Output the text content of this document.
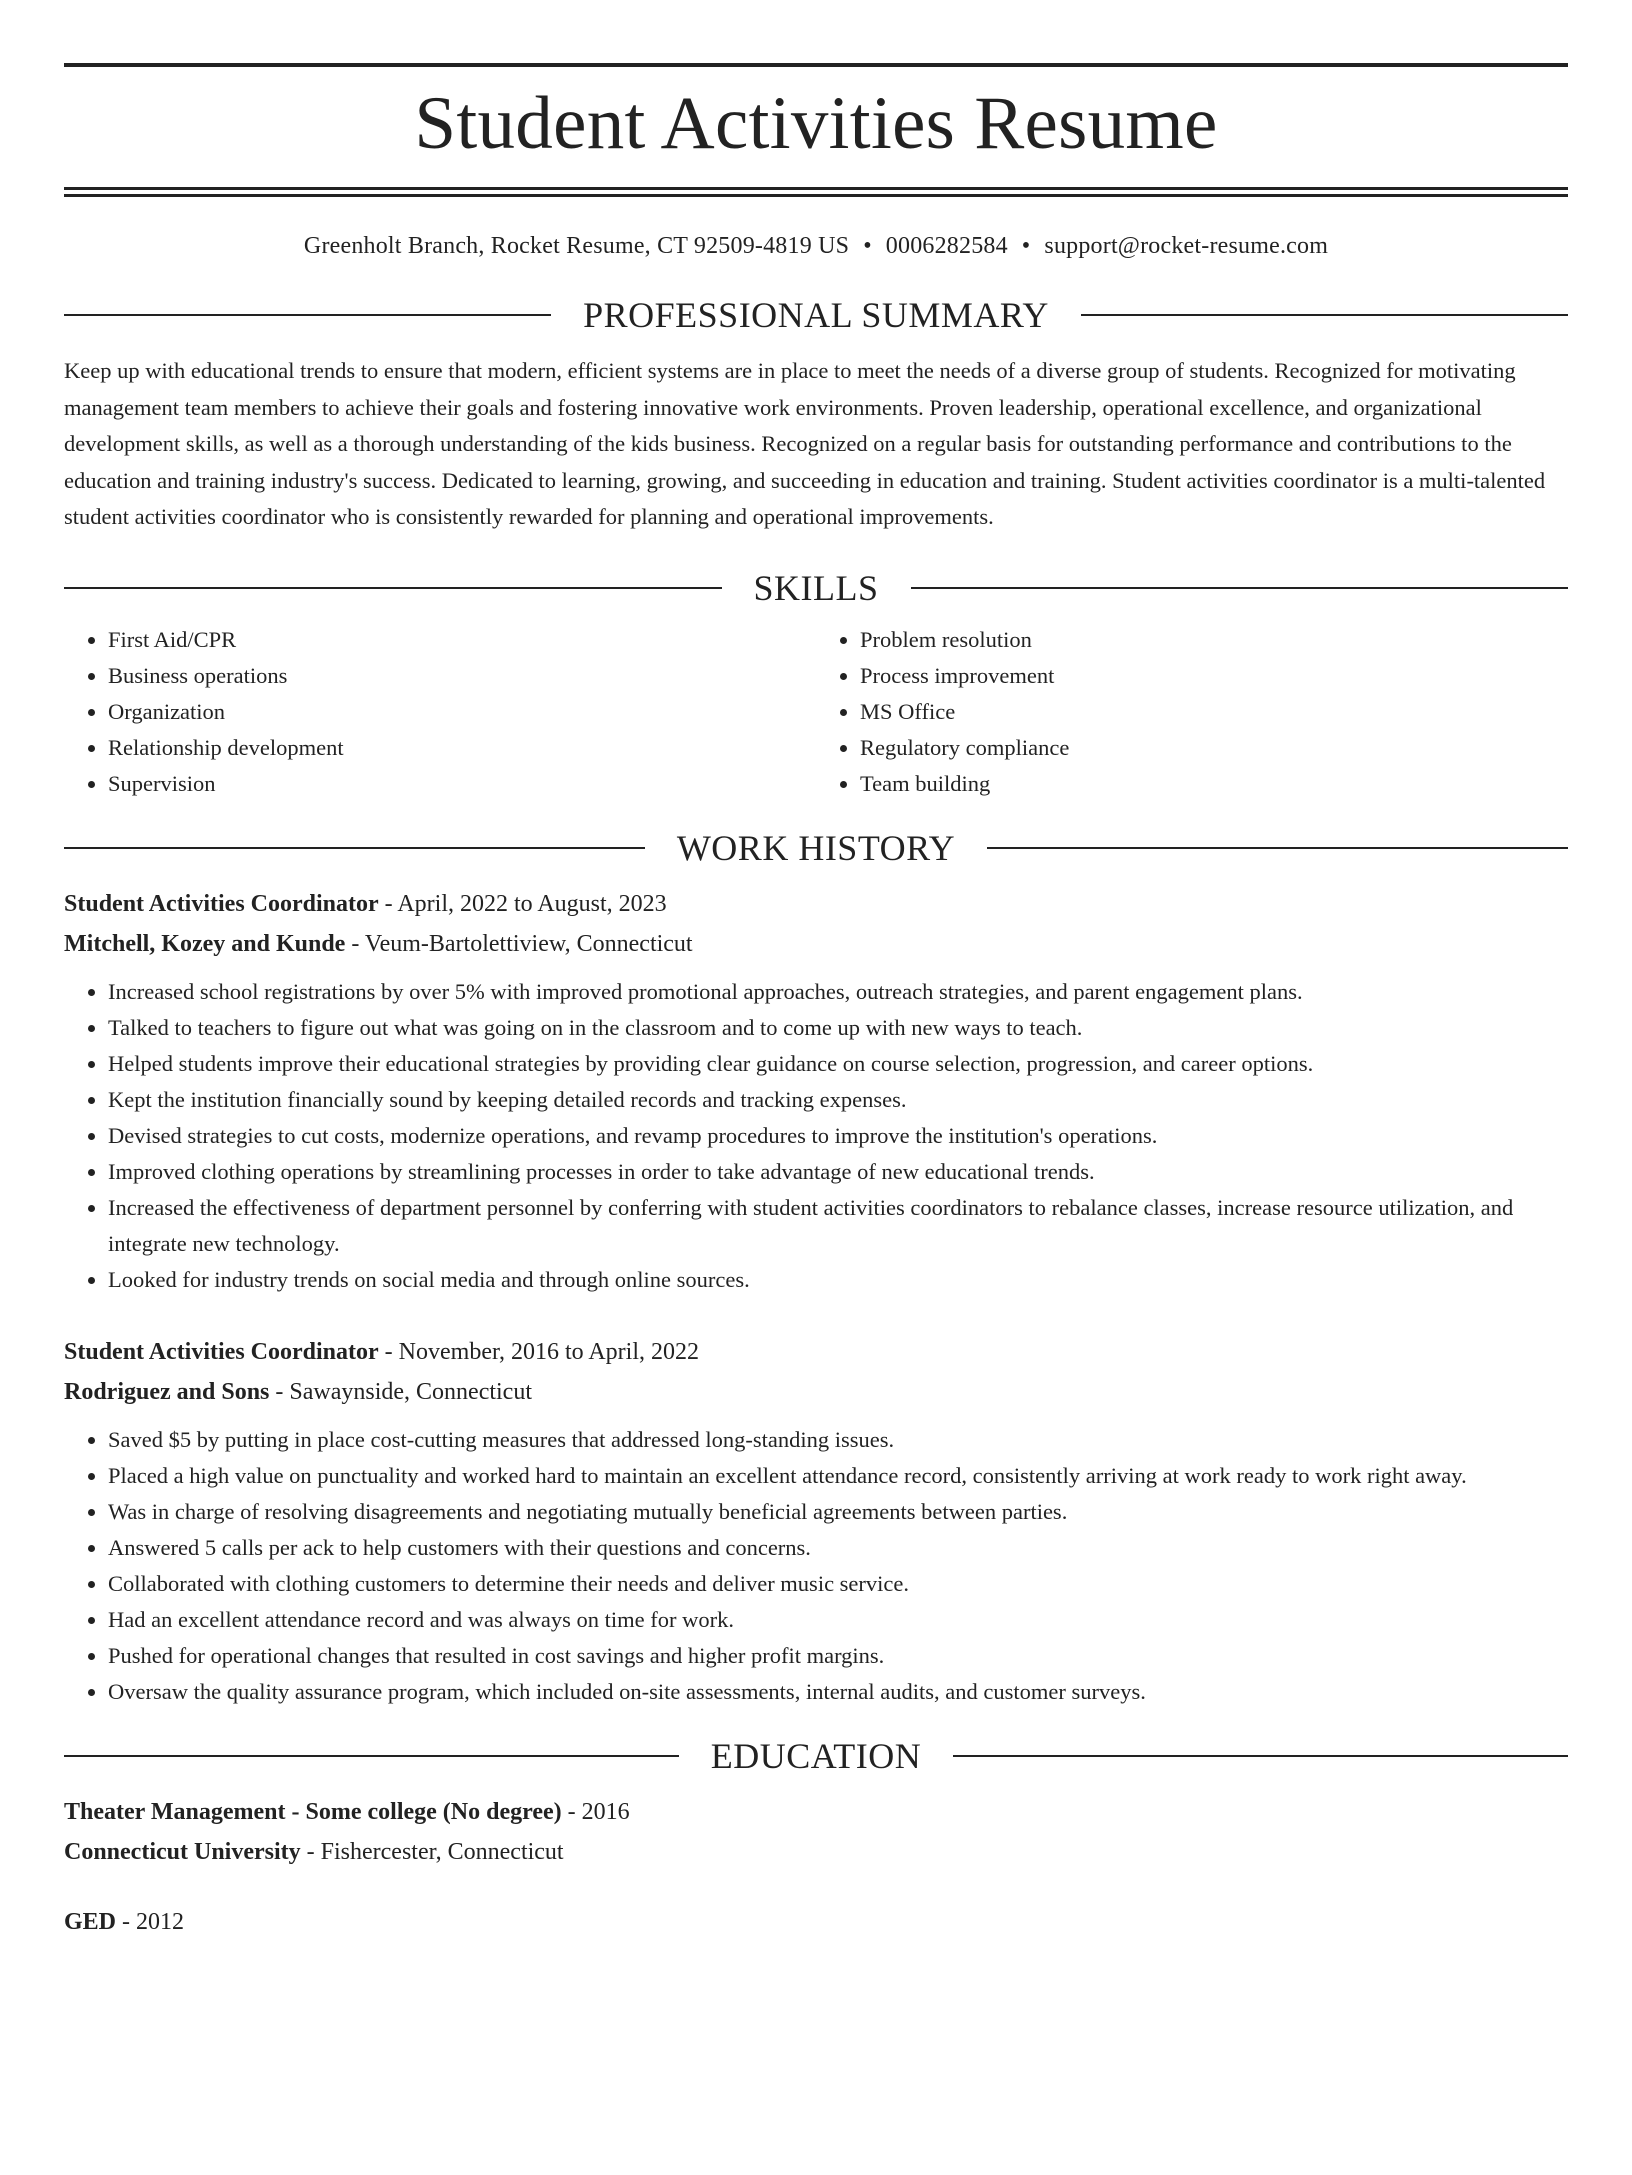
Student Activities Resume
Greenholt Branch, Rocket Resume, CT 92509-4819 US • 0006282584 • support@rocket-resume.com
PROFESSIONAL SUMMARY
Keep up with educational trends to ensure that modern, efficient systems are in place to meet the needs of a diverse group of students. Recognized for motivating management team members to achieve their goals and fostering innovative work environments. Proven leadership, operational excellence, and organizational development skills, as well as a thorough understanding of the kids business. Recognized on a regular basis for outstanding performance and contributions to the education and training industry's success. Dedicated to learning, growing, and succeeding in education and training. Student activities coordinator is a multi-talented student activities coordinator who is consistently rewarded for planning and operational improvements.
SKILLS
• First Aid/CPR
• Business operations
• Organization
• Relationship development
• Supervision
• Problem resolution
• Process improvement
• MS Office
• Regulatory compliance
• Team building
WORK HISTORY
Student Activities Coordinator - April, 2022 to August, 2023
Mitchell, Kozey and Kunde - Veum-Bartolettiview, Connecticut
• Increased school registrations by over 5% with improved promotional approaches, outreach strategies, and parent engagement plans.
• Talked to teachers to figure out what was going on in the classroom and to come up with new ways to teach.
• Helped students improve their educational strategies by providing clear guidance on course selection, progression, and career options.
• Kept the institution financially sound by keeping detailed records and tracking expenses.
• Devised strategies to cut costs, modernize operations, and revamp procedures to improve the institution's operations.
• Improved clothing operations by streamlining processes in order to take advantage of new educational trends.
• Increased the effectiveness of department personnel by conferring with student activities coordinators to rebalance classes, increase resource utilization, and integrate new technology.
• Looked for industry trends on social media and through online sources.
Student Activities Coordinator - November, 2016 to April, 2022
Rodriguez and Sons - Sawaynside, Connecticut
• Saved $5 by putting in place cost-cutting measures that addressed long-standing issues.
• Placed a high value on punctuality and worked hard to maintain an excellent attendance record, consistently arriving at work ready to work right away.
• Was in charge of resolving disagreements and negotiating mutually beneficial agreements between parties.
• Answered 5 calls per ack to help customers with their questions and concerns.
• Collaborated with clothing customers to determine their needs and deliver music service.
• Had an excellent attendance record and was always on time for work.
• Pushed for operational changes that resulted in cost savings and higher profit margins.
• Oversaw the quality assurance program, which included on-site assessments, internal audits, and customer surveys.
EDUCATION
Theater Management - Some college (No degree) - 2016
Connecticut University - Fishercester, Connecticut
GED - 2012
